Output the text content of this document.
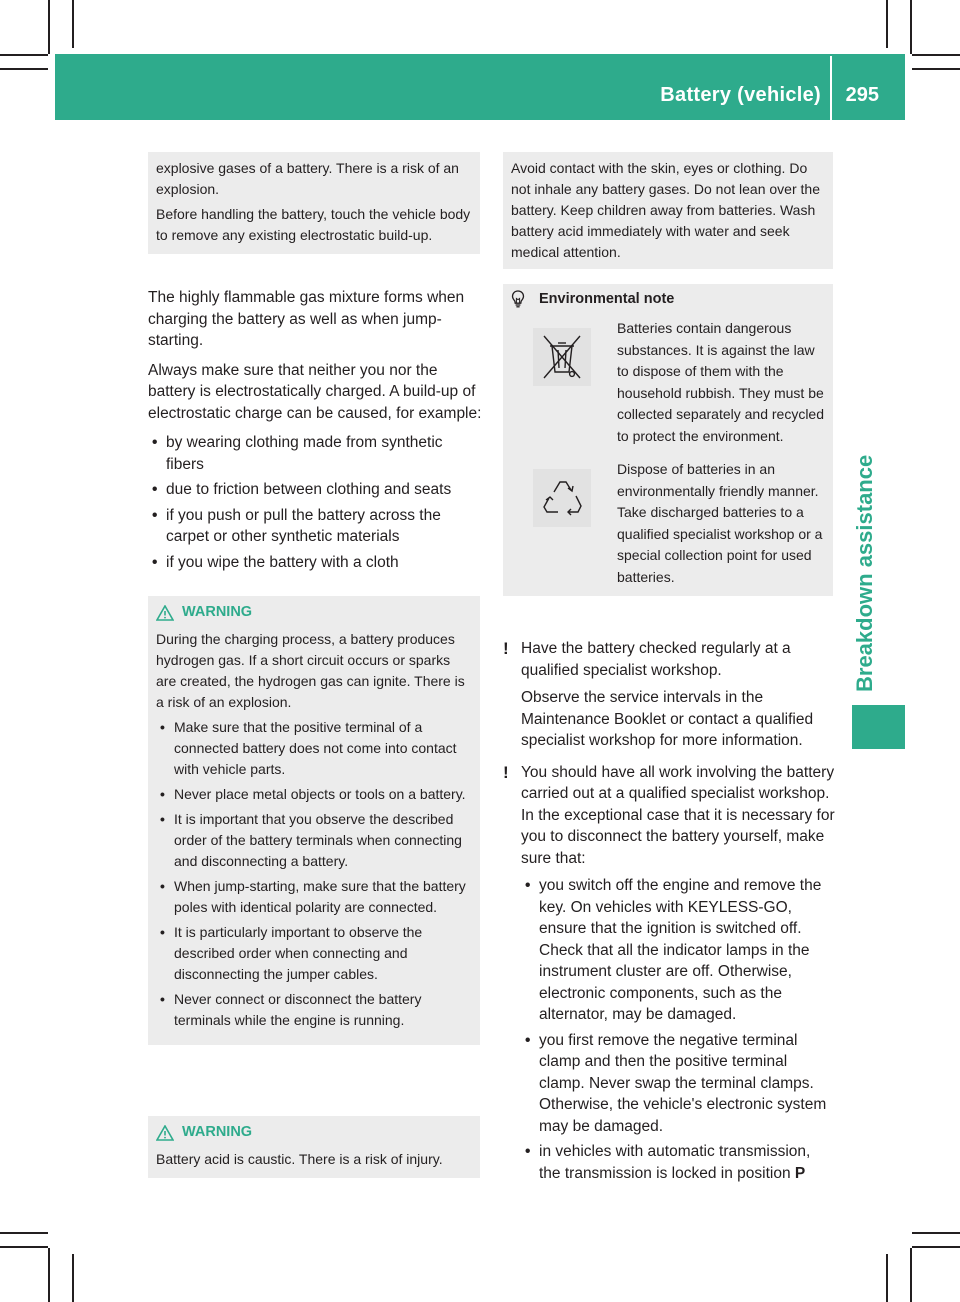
Battery (vehicle) 295
Breakdown assistance

explosive gases of a battery. There is a risk of an explosion.

Before handling the battery, touch the vehicle body to remove any existing electrostatic build-up.

The highly flammable gas mixture forms when charging the battery as well as when jump-starting.

Always make sure that neither you nor the battery is electrostatically charged. A build-up of electrostatic charge can be caused, for example:

• by wearing clothing made from synthetic fibers
• due to friction between clothing and seats
• if you push or pull the battery across the carpet or other synthetic materials
• if you wipe the battery with a cloth
WARNING

During the charging process, a battery produces hydrogen gas. If a short circuit occurs or sparks are created, the hydrogen gas can ignite. There is a risk of an explosion.

• Make sure that the positive terminal of a connected battery does not come into contact with vehicle parts.
• Never place metal objects or tools on a battery.
• It is important that you observe the described order of the battery terminals when connecting and disconnecting a battery.
• When jump-starting, make sure that the battery poles with identical polarity are connected.
• It is particularly important to observe the described order when connecting and disconnecting the jumper cables.
• Never connect or disconnect the battery terminals while the engine is running.
WARNING

Battery acid is caustic. There is a risk of injury.

Avoid contact with the skin, eyes or clothing. Do not inhale any battery gases. Do not lean over the battery. Keep children away from batteries. Wash battery acid immediately with water and seek medical attention.

Environmental note
Batteries contain dangerous substances. It is against the law to dispose of them with the household rubbish. They must be collected separately and recycled to protect the environment.
Dispose of batteries in an environmentally friendly manner. Take discharged batteries to a qualified specialist workshop or a special collection point for used batteries.
! Have the battery checked regularly at a qualified specialist workshop.

Observe the service intervals in the Maintenance Booklet or contact a qualified specialist workshop for more information.

! You should have all work involving the battery carried out at a qualified specialist workshop. In the exceptional case that it is necessary for you to disconnect the battery yourself, make sure that:

• you switch off the engine and remove the key. On vehicles with KEYLESS-GO, ensure that the ignition is switched off. Check that all the indicator lamps in the instrument cluster are off. Otherwise, electronic components, such as the alternator, may be damaged.
• you first remove the negative terminal clamp and then the positive terminal clamp. Never swap the terminal clamps. Otherwise, the vehicle's electronic system may be damaged.
• in vehicles with automatic transmission, the transmission is locked in position P
